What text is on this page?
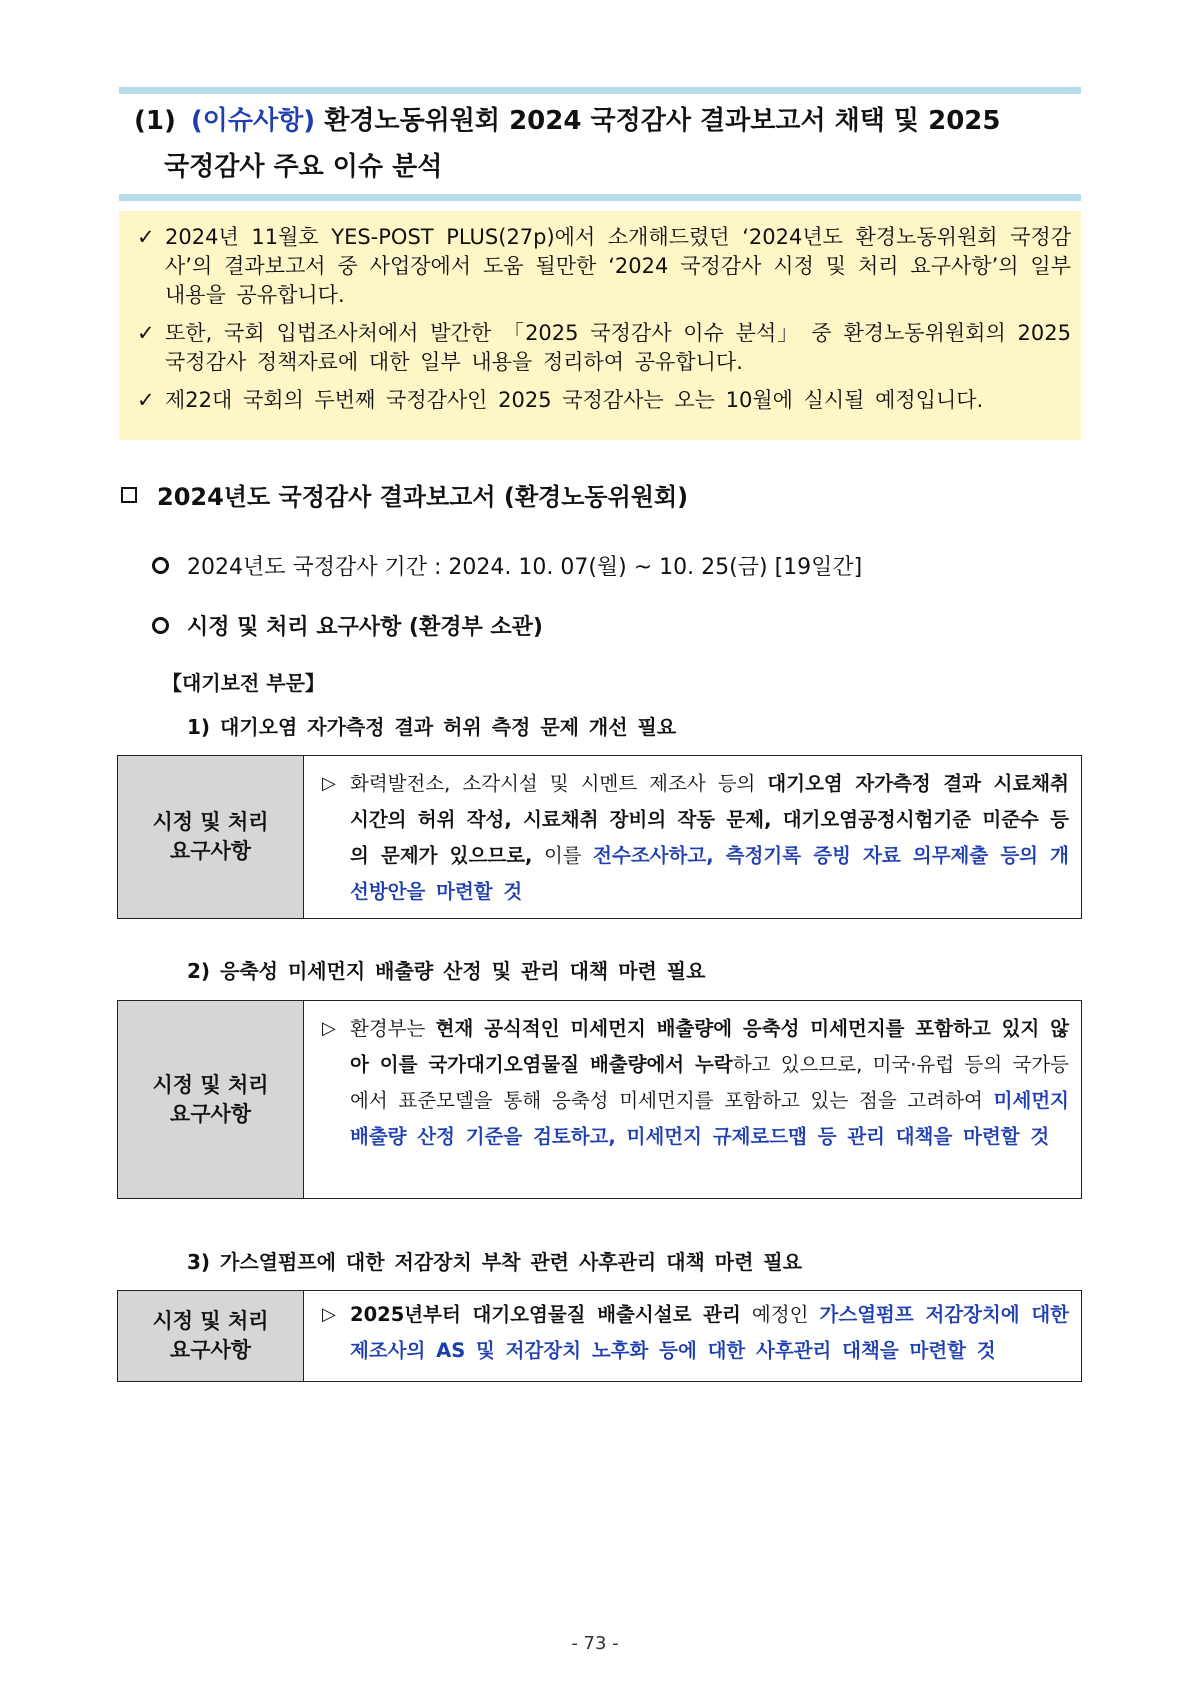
(1) (이슈사항) 환경노동위원회 2024 국정감사 결과보고서 채택 및 2025
국정감사 주요 이슈 분석
✓ 2024년 11월호 YES-POST PLUS(27p)에서 소개해드렸던 ‘2024년도 환경노동위원회 국정감사’의 결과보고서 중 사업장에서 도움 될만한 ‘2024 국정감사 시정 및 처리 요구사항’의 일부 내용을 공유합니다.
✓ 또한, 국회 입법조사처에서 발간한 「2025 국정감사 이슈 분석」 중 환경노동위원회의 2025 국정감사 정책자료에 대한 일부 내용을 정리하여 공유합니다.
✓ 제22대 국회의 두번째 국정감사인 2025 국정감사는 오는 10월에 실시될 예정입니다.
2024년도 국정감사 결과보고서 (환경노동위원회)
2024년도 국정감사 기간 : 2024. 10. 07(월) ~ 10. 25(금) [19일간]
시정 및 처리 요구사항 (환경부 소관)
【대기보전 부문】
1) 대기오염 자가측정 결과 허위 측정 문제 개선 필요
시정 및 처리
요구사항
▷ 화력발전소, 소각시설 및 시멘트 제조사 등의 대기오염 자가측정 결과 시료채취 시간의 허위 작성, 시료채취 장비의 작동 문제, 대기오염공정시험기준 미준수 등의 문제가 있으므로, 이를 전수조사하고, 측정기록 증빙 자료 의무제출 등의 개선방안을 마련할 것
2) 응축성 미세먼지 배출량 산정 및 관리 대책 마련 필요
시정 및 처리
요구사항
▷ 환경부는 현재 공식적인 미세먼지 배출량에 응축성 미세먼지를 포함하고 있지 않아 이를 국가대기오염물질 배출량에서 누락하고 있으므로, 미국·유럽 등의 국가등에서 표준모델을 통해 응축성 미세먼지를 포함하고 있는 점을 고려하여 미세먼지 배출량 산정 기준을 검토하고, 미세먼지 규제로드맵 등 관리 대책을 마련할 것
3) 가스열펌프에 대한 저감장치 부착 관련 사후관리 대책 마련 필요
시정 및 처리
요구사항
▷ 2025년부터 대기오염물질 배출시설로 관리 예정인 가스열펌프 저감장치에 대한 제조사의 AS 및 저감장치 노후화 등에 대한 사후관리 대책을 마련할 것
- 73 -
